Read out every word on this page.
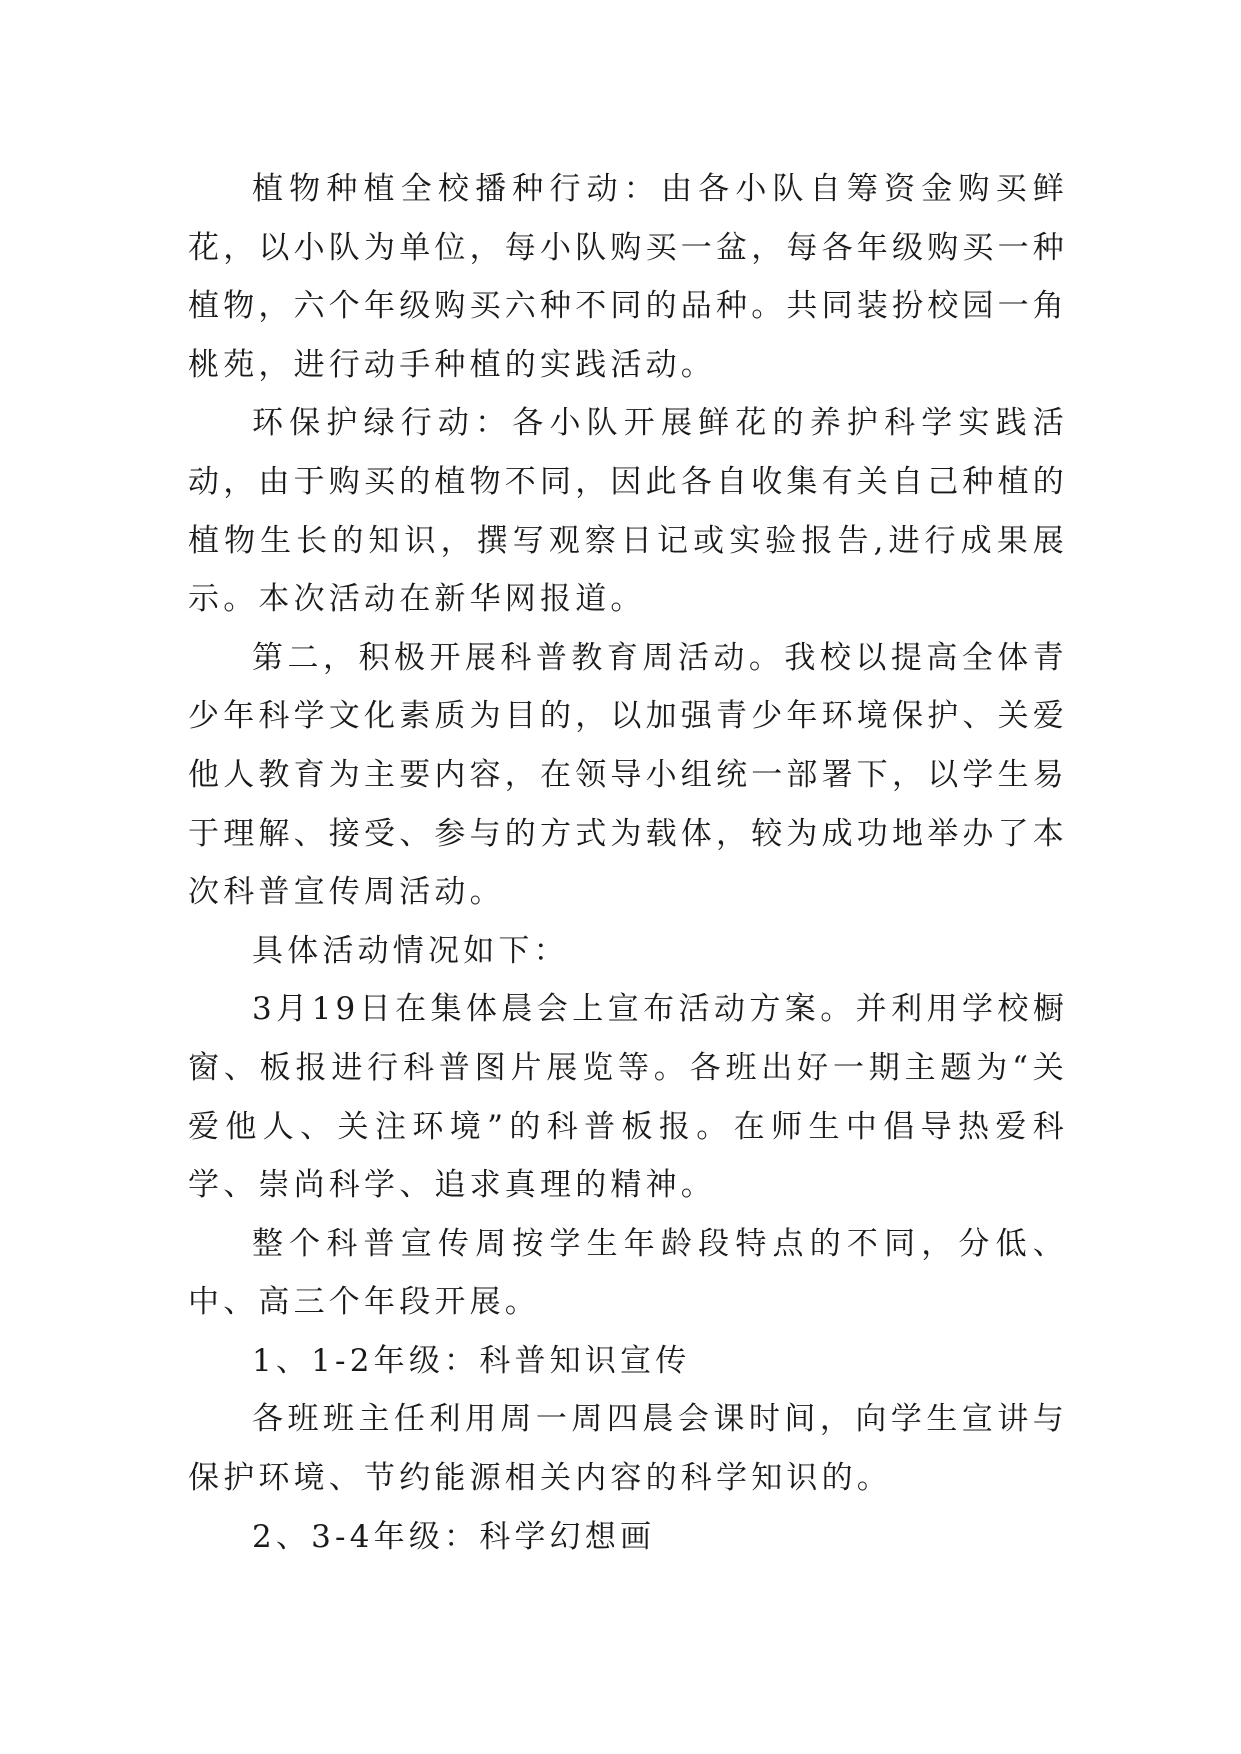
植物种植全校播种行动：由各小队自筹资金购买鲜花，以小队为单位，每小队购买一盆，每各年级购买一种植物，六个年级购买六种不同的品种。共同装扮校园一角桃苑，进行动手种植的实践活动。

环保护绿行动：各小队开展鲜花的养护科学实践活动，由于购买的植物不同，因此各自收集有关自己种植的植物生长的知识，撰写观察日记或实验报告,进行成果展示。本次活动在新华网报道。

第二，积极开展科普教育周活动。我校以提高全体青少年科学文化素质为目的，以加强青少年环境保护、关爱他人教育为主要内容，在领导小组统一部署下，以学生易于理解、接受、参与的方式为载体，较为成功地举办了本次科普宣传周活动。

具体活动情况如下：

3月19日在集体晨会上宣布活动方案。并利用学校橱窗、板报进行科普图片展览等。各班出好一期主题为“关爱他人、关注环境”的科普板报。在师生中倡导热爱科学、崇尚科学、追求真理的精神。

整个科普宣传周按学生年龄段特点的不同，分低、中、高三个年段开展。

1、1-2年级：科普知识宣传

各班班主任利用周一周四晨会课时间，向学生宣讲与保护环境、节约能源相关内容的科学知识的。

2、3-4年级：科学幻想画
